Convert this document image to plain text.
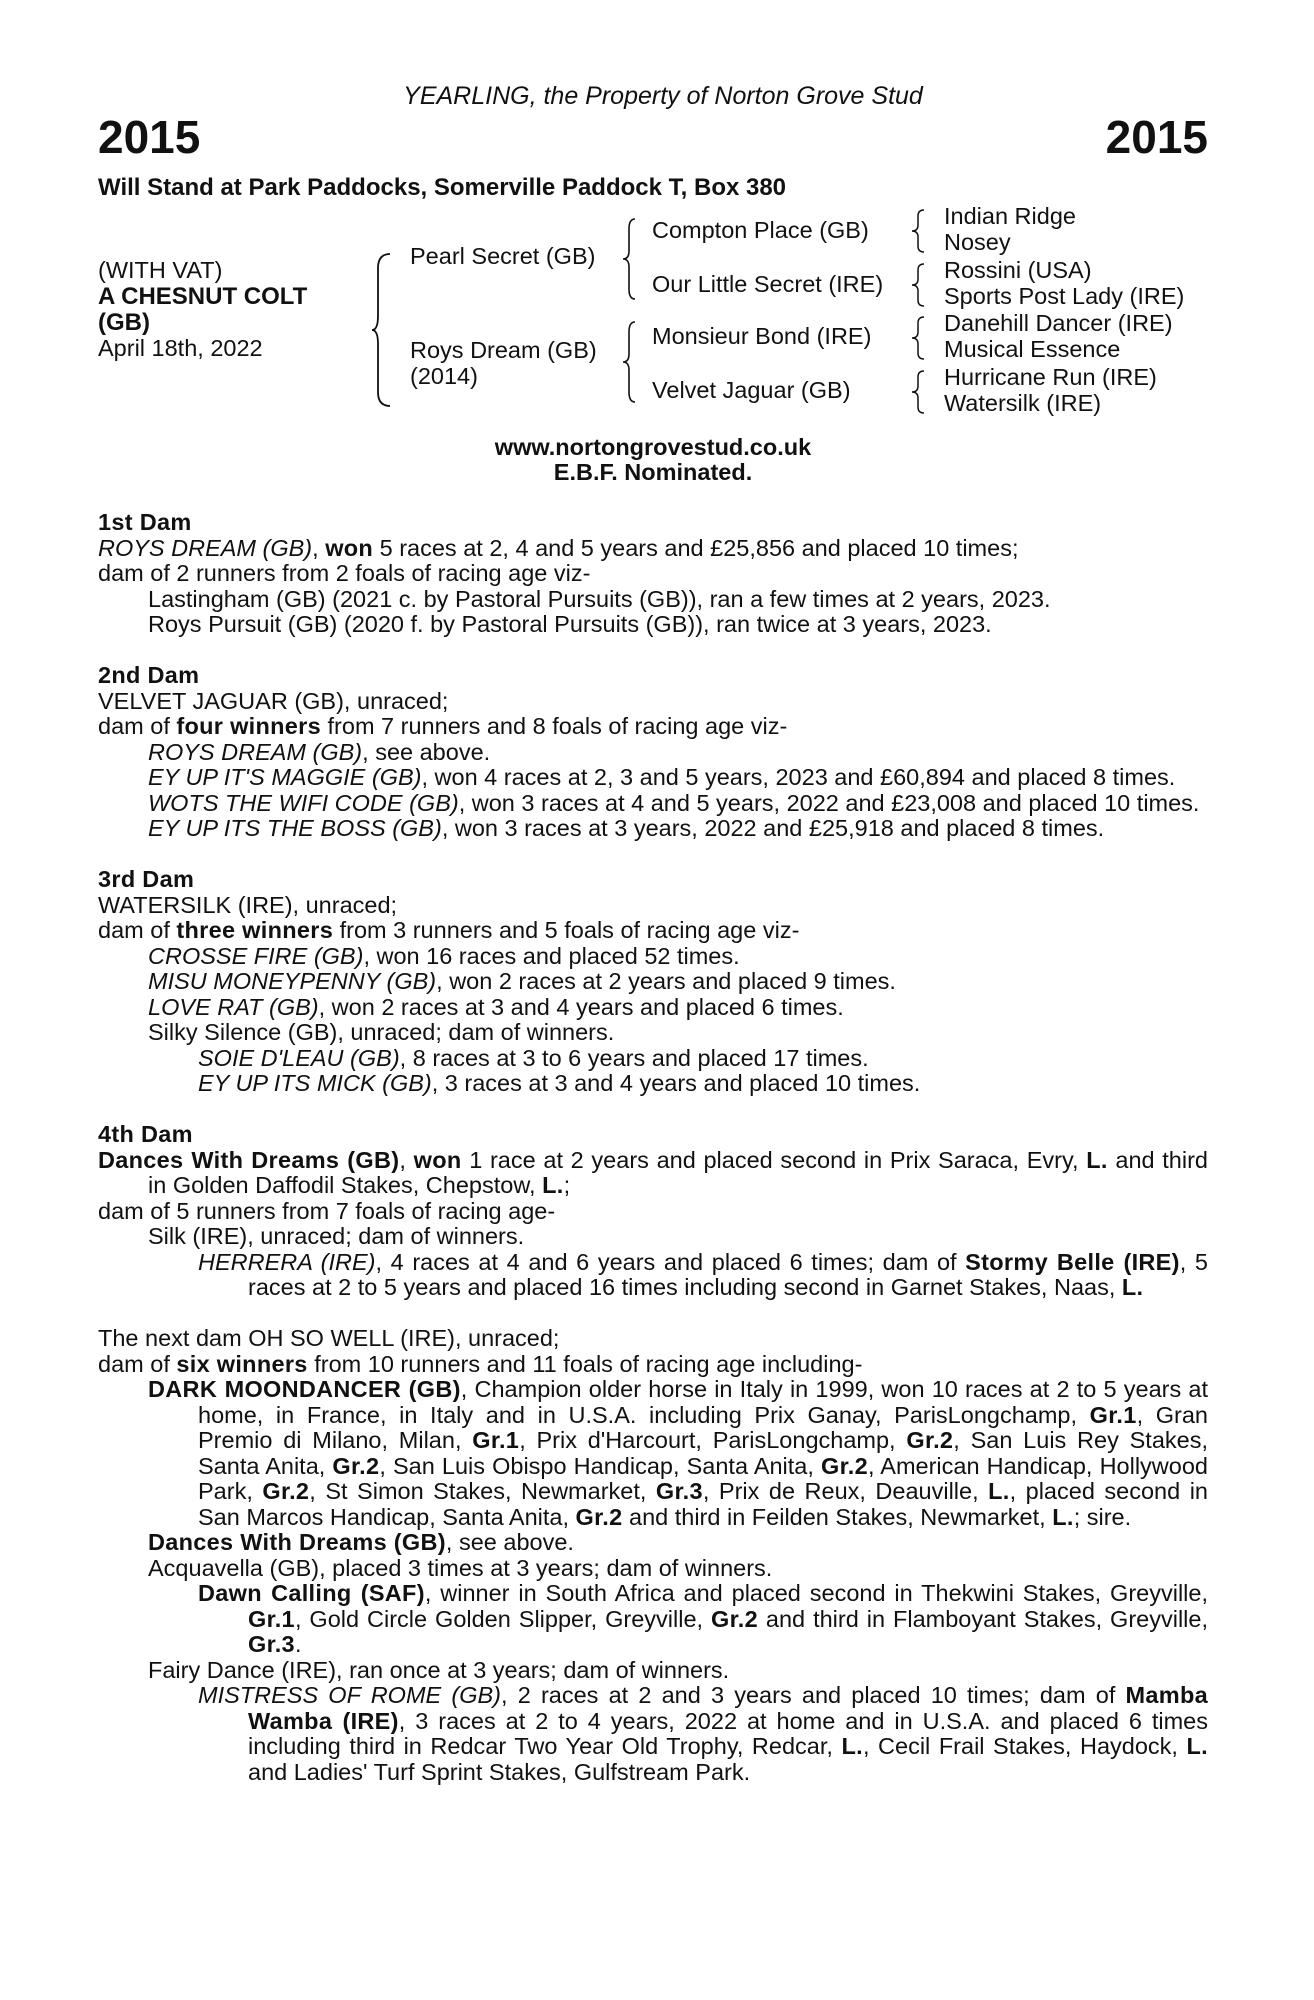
YEARLING, the Property of Norton Grove Stud
2015	2015
Will Stand at Park Paddocks, Somerville Paddock T, Box 380
(WITH VAT)
A CHESNUT COLT
(GB)
April 18th, 2022
Pearl Secret (GB)
Roys Dream (GB)
(2014)
Compton Place (GB)
Our Little Secret (IRE)
Monsieur Bond (IRE)
Velvet Jaguar (GB)
Indian Ridge
Nosey
Rossini (USA)
Sports Post Lady (IRE)
Danehill Dancer (IRE)
Musical Essence
Hurricane Run (IRE)
Watersilk (IRE)
www.nortongrovestud.co.uk
E.B.F. Nominated.

1st Dam

ROYS DREAM (GB), won 5 races at 2, 4 and 5 years and £25,856 and placed 10 times;

dam of 2 runners from 2 foals of racing age viz-

Lastingham (GB) (2021 c. by Pastoral Pursuits (GB)), ran a few times at 2 years, 2023.

Roys Pursuit (GB) (2020 f. by Pastoral Pursuits (GB)), ran twice at 3 years, 2023.

2nd Dam

VELVET JAGUAR (GB), unraced;

dam of four winners from 7 runners and 8 foals of racing age viz-

ROYS DREAM (GB), see above.

EY UP IT'S MAGGIE (GB), won 4 races at 2, 3 and 5 years, 2023 and £60,894 and placed 8 times.

WOTS THE WIFI CODE (GB), won 3 races at 4 and 5 years, 2022 and £23,008 and placed 10 times.

EY UP ITS THE BOSS (GB), won 3 races at 3 years, 2022 and £25,918 and placed 8 times.

3rd Dam

WATERSILK (IRE), unraced;

dam of three winners from 3 runners and 5 foals of racing age viz-

CROSSE FIRE (GB), won 16 races and placed 52 times.

MISU MONEYPENNY (GB), won 2 races at 2 years and placed 9 times.

LOVE RAT (GB), won 2 races at 3 and 4 years and placed 6 times.

Silky Silence (GB), unraced; dam of winners.

SOIE D'LEAU (GB), 8 races at 3 to 6 years and placed 17 times.

EY UP ITS MICK (GB), 3 races at 3 and 4 years and placed 10 times.

4th Dam

Dances With Dreams (GB), won 1 race at 2 years and placed second in Prix Saraca, Evry, L. and third in Golden Daffodil Stakes, Chepstow, L.;

dam of 5 runners from 7 foals of racing age-

Silk (IRE), unraced; dam of winners.

HERRERA (IRE), 4 races at 4 and 6 years and placed 6 times; dam of Stormy Belle (IRE), 5 races at 2 to 5 years and placed 16 times including second in Garnet Stakes, Naas, L.

The next dam OH SO WELL (IRE), unraced;

dam of six winners from 10 runners and 11 foals of racing age including-

DARK MOONDANCER (GB), Champion older horse in Italy in 1999, won 10 races at 2 to 5 years at home, in France, in Italy and in U.S.A. including Prix Ganay, ParisLongchamp, Gr.1, Gran Premio di Milano, Milan, Gr.1, Prix d'Harcourt, ParisLongchamp, Gr.2, San Luis Rey Stakes, Santa Anita, Gr.2, San Luis Obispo Handicap, Santa Anita, Gr.2, American Handicap, Hollywood Park, Gr.2, St Simon Stakes, Newmarket, Gr.3, Prix de Reux, Deauville, L., placed second in San Marcos Handicap, Santa Anita, Gr.2 and third in Feilden Stakes, Newmarket, L.; sire.

Dances With Dreams (GB), see above.

Acquavella (GB), placed 3 times at 3 years; dam of winners.

Dawn Calling (SAF), winner in South Africa and placed second in Thekwini Stakes, Greyville, Gr.1, Gold Circle Golden Slipper, Greyville, Gr.2 and third in Flamboyant Stakes, Greyville, Gr.3.

Fairy Dance (IRE), ran once at 3 years; dam of winners.

MISTRESS OF ROME (GB), 2 races at 2 and 3 years and placed 10 times; dam of Mamba Wamba (IRE), 3 races at 2 to 4 years, 2022 at home and in U.S.A. and placed 6 times including third in Redcar Two Year Old Trophy, Redcar, L., Cecil Frail Stakes, Haydock, L. and Ladies' Turf Sprint Stakes, Gulfstream Park.
